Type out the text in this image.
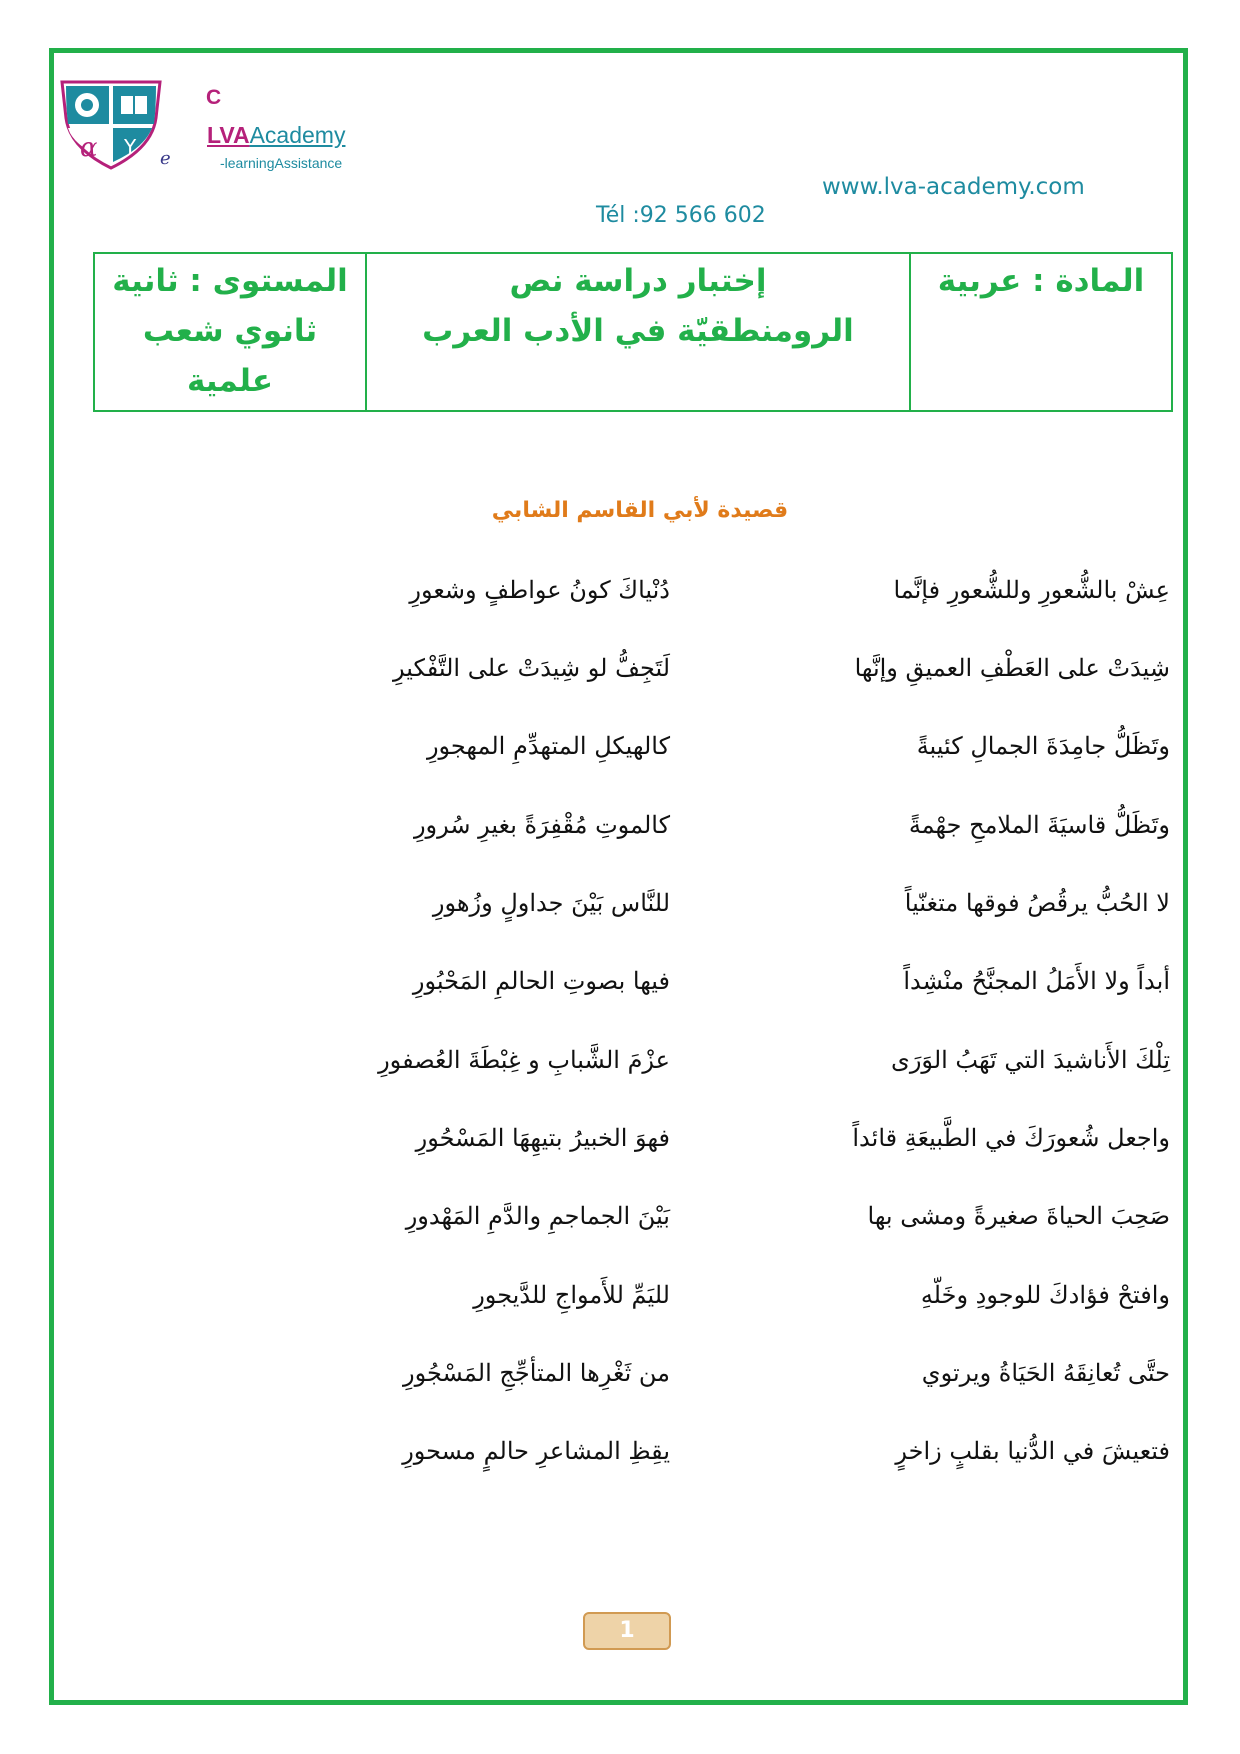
α Y e
C
LVAAcademy
-learningAssistance
www.lva-academy.com
Tél :92 566 602
المادة : عربية

إختبار دراسة نص
الرومنطقيّة في الأدب العرب

المستوى : ثانية
ثانوي شعب
علمية
قصيدة لأبي القاسم الشابي
عِشْ بالشُّعورِ وللشُّعورِ فإنَّما
دُنْياكَ كونُ عواطفٍ وشعورِ
شِيدَتْ على العَطْفِ العميقِ وإنَّها
لَتَجِفُّ لو شِيدَتْ على التَّفْكيرِ
وتَظَلُّ جامِدَةَ الجمالِ كئيبةً
كالهيكلِ المتهدِّمِ المهجورِ
وتَظَلُّ قاسيَةَ الملامحِ جهْمةً
كالموتِ مُقْفِرَةً بغيرِ سُرورِ
لا الحُبُّ يرقُصُ فوقها متغنّياً
للنَّاس بَيْنَ جداولٍ وزُهورِ
أبداً ولا الأَمَلُ المجنَّحُ منْشِداً
فيها بصوتِ الحالمِ المَحْبُورِ
تِلْكَ الأَناشيدَ التي تَهَبُ الوَرَى
عزْمَ الشَّبابِ و غِبْطَةَ العُصفورِ
واجعل شُعورَكَ في الطَّبيعَةِ قائداً
فهوَ الخبيرُ بتيهِهَا المَسْحُورِ
صَحِبَ الحياةَ صغيرةً ومشى بها
بَيْنَ الجماجمِ والدَّمِ المَهْدورِ
وافتحْ فؤادكَ للوجودِ وخَلّهِ
لليَمِّ للأَمواجِ للدَّيجورِ
حتَّى تُعانِقَهُ الحَيَاةُ ويرتوي
من ثَغْرِها المتأجِّجِ المَسْجُورِ
فتعيشَ في الدُّنيا بقلبٍ زاخرٍ
يقِظِ المشاعرِ حالمٍ مسحورِ
1
